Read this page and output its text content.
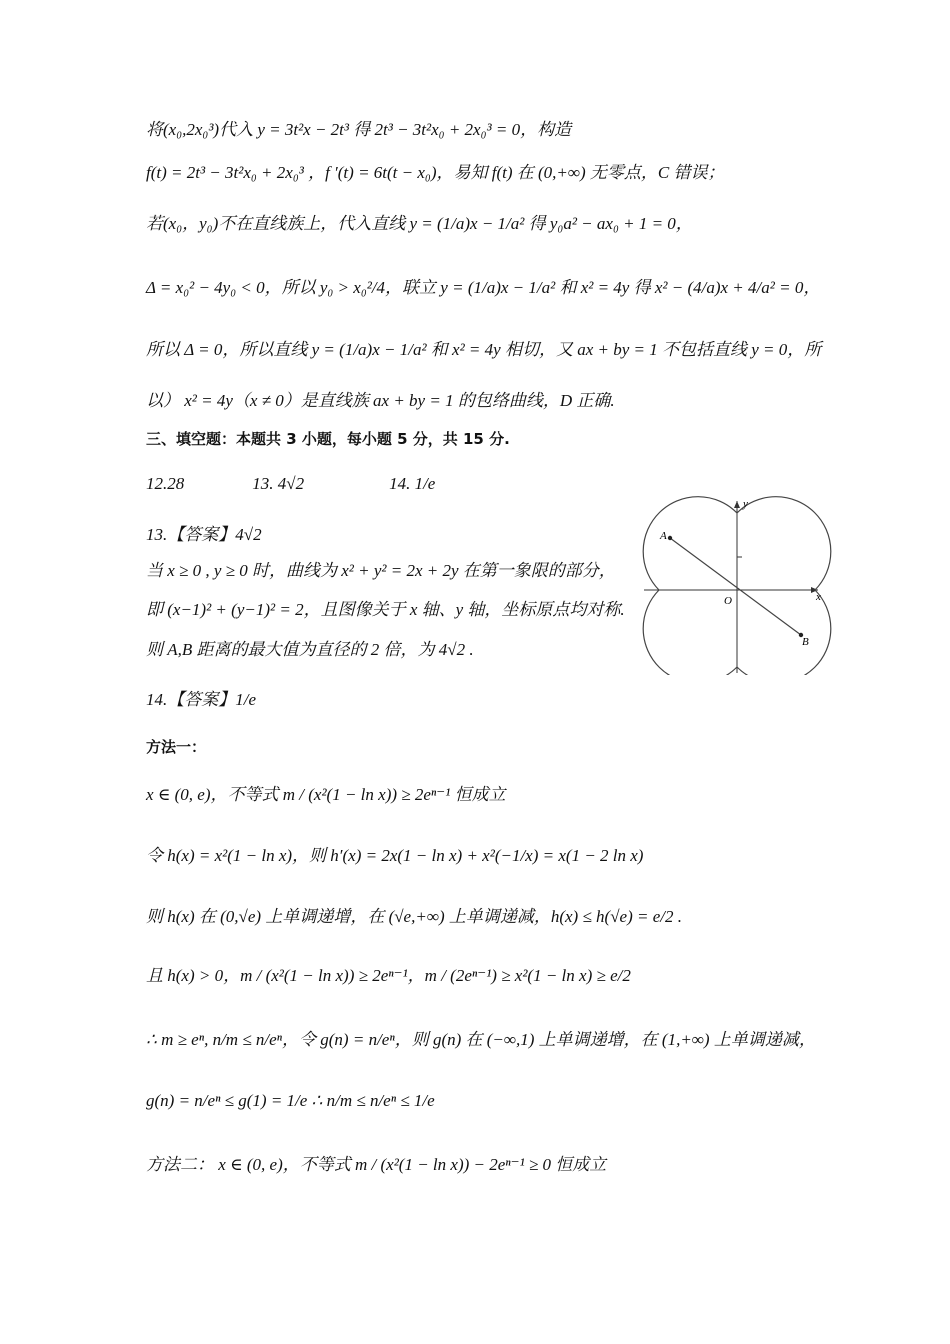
将(x₀,2x₀³)代入 y = 3t²x − 2t³ 得 2t³ − 3t²x₀ + 2x₀³ = 0，构造
f(t) = 2t³ − 3t²x₀ + 2x₀³ ，f ′(t) = 6t(t − x₀)，易知 f(t) 在 (0,+∞) 无零点，C 错误；
若(x₀，y₀)不在直线族上，代入直线 y = (1/a)x − 1/a² 得 y₀a² − ax₀ + 1 = 0，
Δ = x₀² − 4y₀ < 0，所以 y₀ > x₀²/4，联立 y = (1/a)x − 1/a² 和 x² = 4y 得 x² − (4/a)x + 4/a² = 0，
所以 Δ = 0，所以直线 y = (1/a)x − 1/a² 和 x² = 4y 相切，又 ax + by = 1 不包括直线 y = 0，所
以） x² = 4y（x ≠ 0）是直线族 ax + by = 1 的包络曲线，D 正确.
三、填空题：本题共 3 小题，每小题 5 分，共 15 分.
12.28　　　　13. 4√2　　　　　14. 1/e
13.【答案】4√2
当 x ≥ 0 , y ≥ 0 时，曲线为 x² + y² = 2x + 2y 在第一象限的部分，
即 (x−1)² + (y−1)² = 2，且图像关于 x 轴、y 轴，坐标原点均对称.
则 A,B 距离的最大值为直径的 2 倍，为 4√2 .
14.【答案】1/e
方法一：
x ∈ (0, e)，不等式 m / (x²(1 − ln x)) ≥ 2eⁿ⁻¹ 恒成立
令 h(x) = x²(1 − ln x)，则 h′(x) = 2x(1 − ln x) + x²(−1/x) = x(1 − 2 ln x)
则 h(x) 在 (0,√e) 上单调递增，在 (√e,+∞) 上单调递减，h(x) ≤ h(√e) = e/2 .
且 h(x) > 0，m / (x²(1 − ln x)) ≥ 2eⁿ⁻¹，m / (2eⁿ⁻¹) ≥ x²(1 − ln x) ≥ e/2
∴ m ≥ eⁿ, n/m ≤ n/eⁿ，令 g(n) = n/eⁿ，则 g(n) 在 (−∞,1) 上单调递增，在 (1,+∞) 上单调递减，
g(n) = n/eⁿ ≤ g(1) = 1/e ∴ n/m ≤ n/eⁿ ≤ 1/e
方法二： x ∈ (0, e)，不等式 m / (x²(1 − ln x)) − 2eⁿ⁻¹ ≥ 0 恒成立
A
B
O	x
y
